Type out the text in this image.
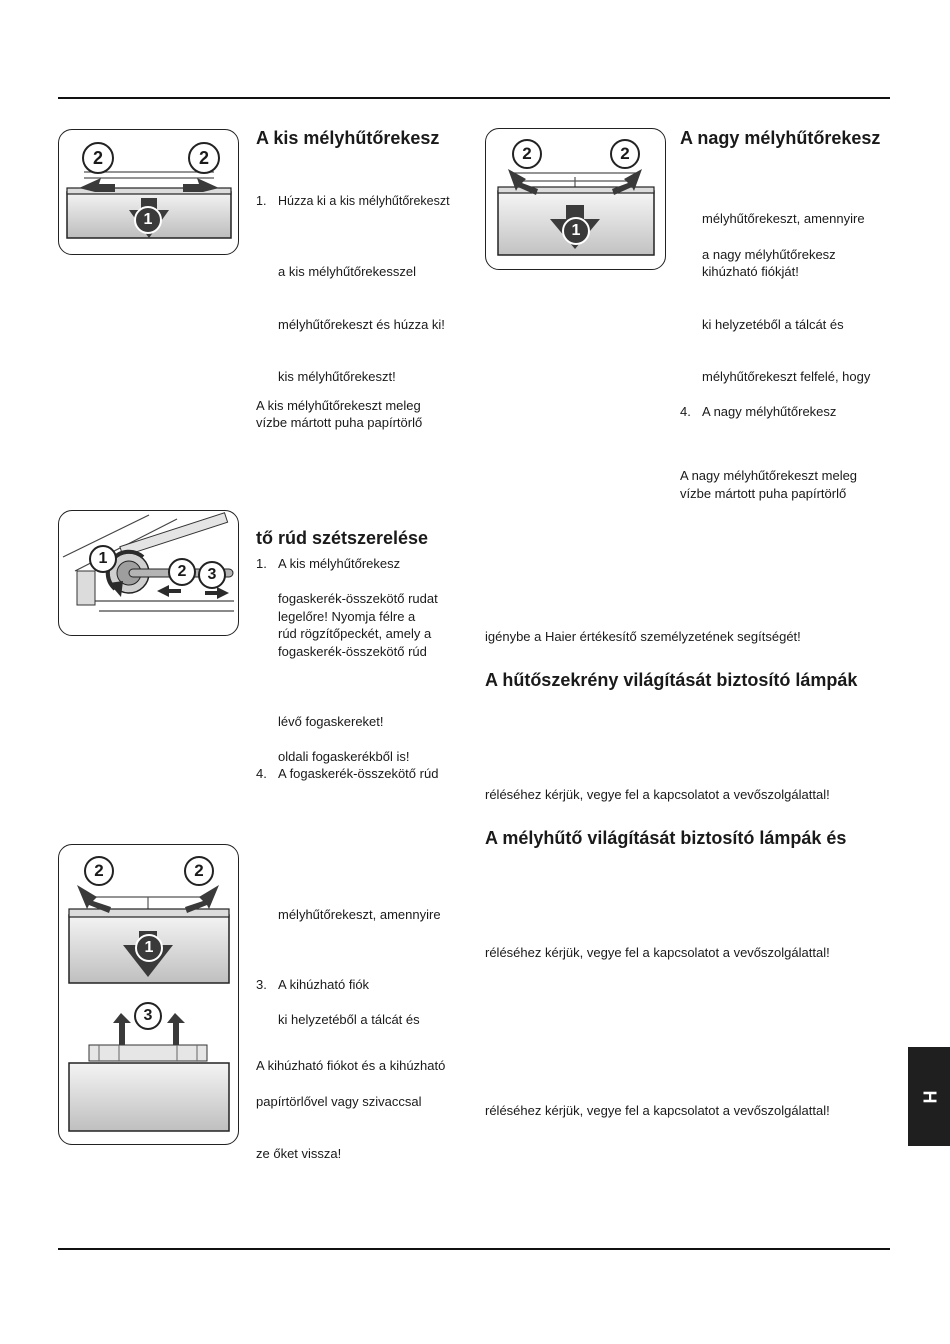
2	2
1
A kis mélyhűtőrekesz
1. Húzza ki a kis mélyhűtőrekeszt
a kis mélyhűtőrekesszel
mélyhűtőrekeszt és húzza ki!
kis mélyhűtőrekeszt!
A kis mélyhűtőrekeszt meleg
vízbe mártott puha papírtörlő
2	2
1
A nagy mélyhűtőrekesz
mélyhűtőrekeszt, amennyire
a nagy mélyhűtőrekesz
kihúzható fiókját!
ki helyzetéből a tálcát és
mélyhűtőrekeszt felfelé, hogy
4. A nagy mélyhűtőrekesz
A nagy mélyhűtőrekeszt meleg
vízbe mártott puha papírtörlő
1
2	3
tő rúd szétszerelése
1. A kis mélyhűtőrekesz
fogaskerék-összekötő rudat
legelőre! Nyomja félre a
rúd rögzítőpeckét, amely a
fogaskerék-összekötő rúd
lévő fogaskereket!
oldali fogaskerékből is!
4. A fogaskerék-összekötő rúd
igénybe a Haier értékesítő személyzetének segítségét!
A hűtőszekrény világítását biztosító lámpák
réléséhez kérjük, vegye fel a kapcsolatot a vevőszolgálattal!
A mélyhűtő világítását biztosító lámpák és
réléséhez kérjük, vegye fel a kapcsolatot a vevőszolgálattal!
réléséhez kérjük, vegye fel a kapcsolatot a vevőszolgálattal!
2	2
1
3
mélyhűtőrekeszt, amennyire
3. A kihúzható fiók
ki helyzetéből a tálcát és
A kihúzható fiókot és a kihúzható
papírtörlővel vagy szivaccsal
ze őket vissza!
H
